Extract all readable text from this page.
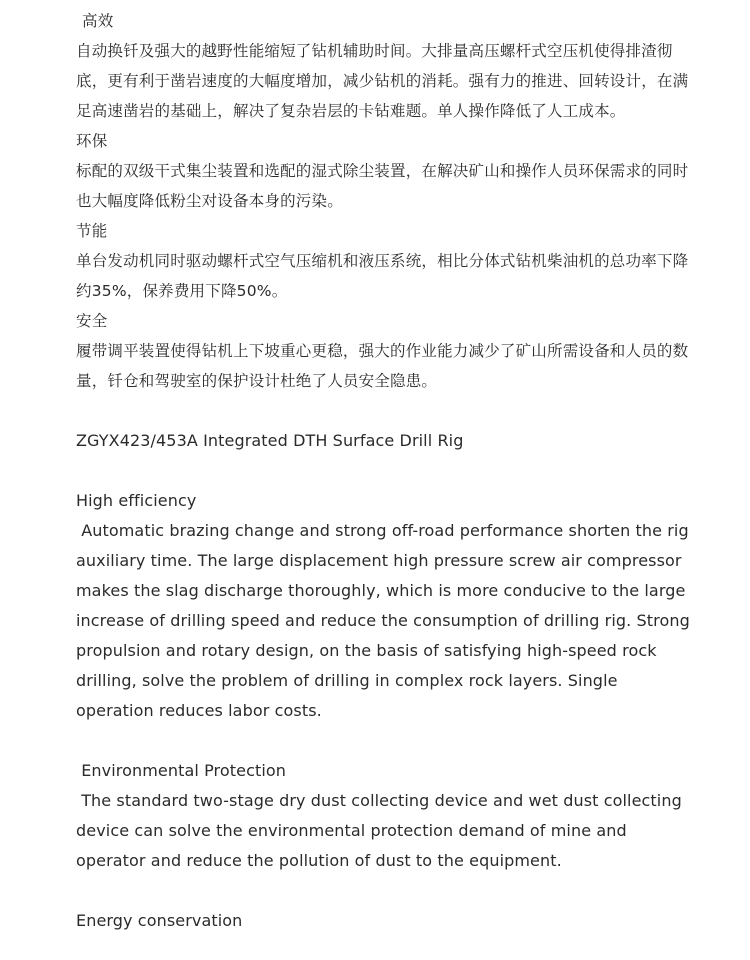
高效

自动换钎及强大的越野性能缩短了钻机辅助时间。大排量高压螺杆式空压机使得排渣彻底，更有利于凿岩速度的大幅度增加，减少钻机的消耗。强有力的推进、回转设计，在满足高速凿岩的基础上，解决了复杂岩层的卡钻难题。单人操作降低了人工成本。

环保

标配的双级干式集尘装置和选配的湿式除尘装置，在解决矿山和操作人员环保需求的同时也大幅度降低粉尘对设备本身的污染。

节能

单台发动机同时驱动螺杆式空气压缩机和液压系统，相比分体式钻机柴油机的总功率下降约35%，保养费用下降50%。

安全

履带调平装置使得钻机上下坡重心更稳，强大的作业能力减少了矿山所需设备和人员的数量，钎仓和驾驶室的保护设计杜绝了人员安全隐患。

ZGYX423/453A Integrated DTH Surface Drill Rig

High efficiency

Automatic brazing change and strong off-road performance shorten the rig auxiliary time. The large displacement high pressure screw air compressor makes the slag discharge thoroughly, which is more conducive to the large increase of drilling speed and reduce the consumption of drilling rig. Strong propulsion and rotary design, on the basis of satisfying high-speed rock drilling, solve the problem of drilling in complex rock layers. Single operation reduces labor costs.

Environmental Protection

The standard two-stage dry dust collecting device and wet dust collecting device can solve the environmental protection demand of mine and operator and reduce the pollution of dust to the equipment.

Energy conservation
